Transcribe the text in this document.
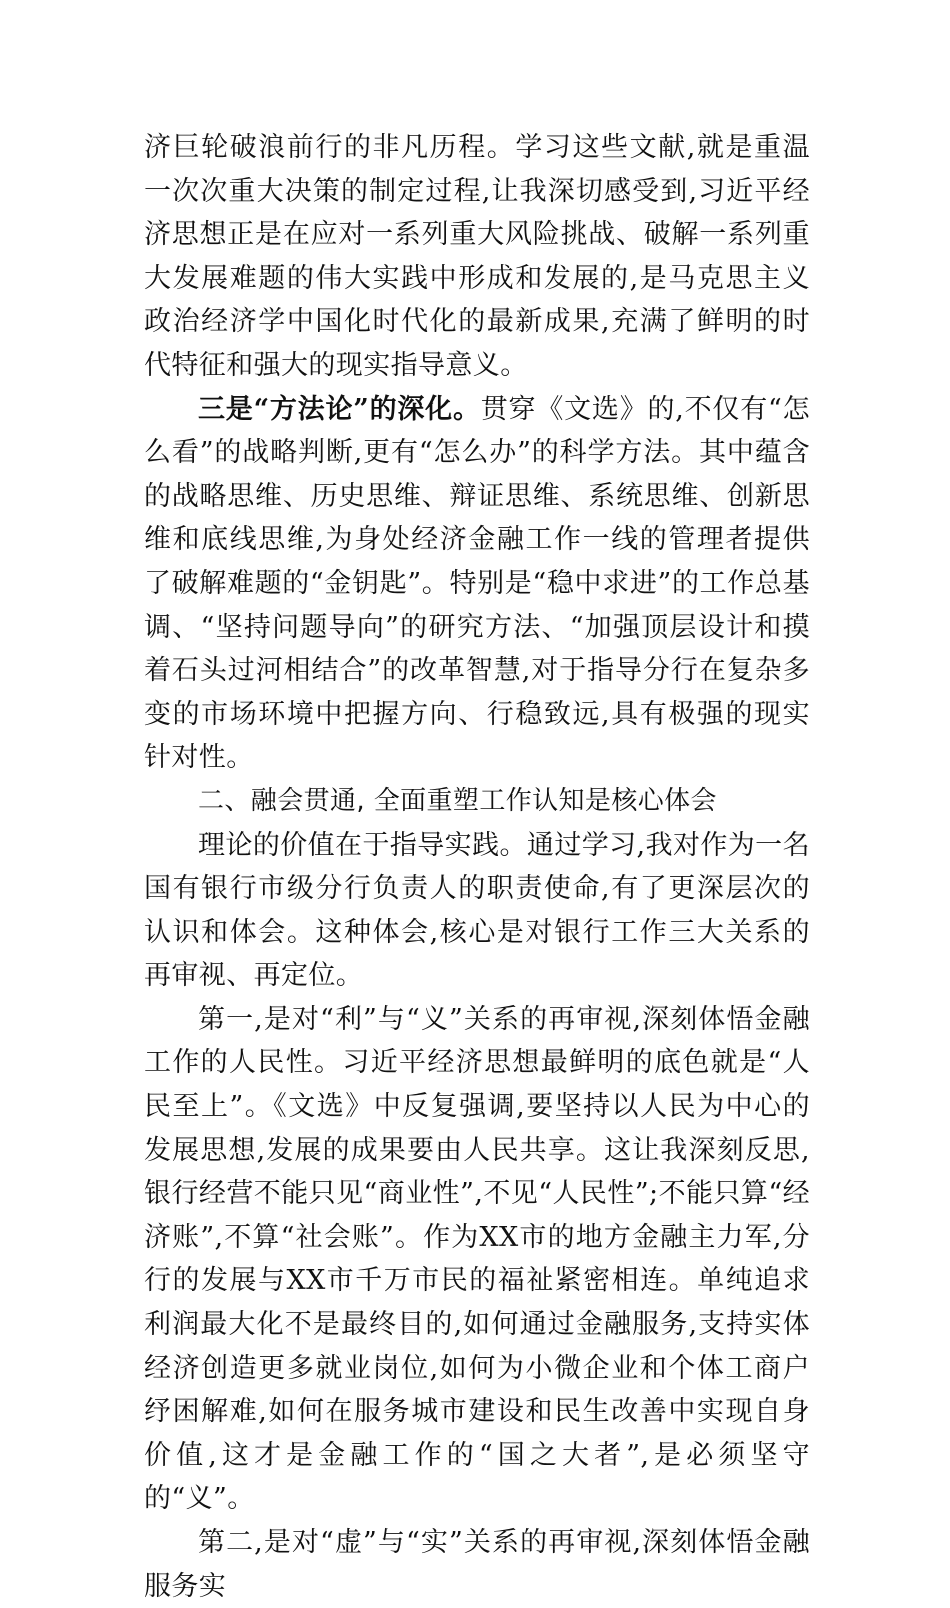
济巨轮破浪前行的非凡历程。学习这些文献,就是重温一次次重大决策的制定过程,让我深切感受到,习近平经济思想正是在应对一系列重大风险挑战、破解一系列重大发展难题的伟大实践中形成和发展的,是马克思主义政治经济学中国化时代化的最新成果,充满了鲜明的时代特征和强大的现实指导意义。

三是“方法论”的深化。贯穿《文选》的,不仅有“怎么看”的战略判断,更有“怎么办”的科学方法。其中蕴含的战略思维、历史思维、辩证思维、系统思维、创新思维和底线思维,为身处经济金融工作一线的管理者提供了破解难题的“金钥匙”。特别是“稳中求进”的工作总基调、“坚持问题导向”的研究方法、“加强顶层设计和摸着石头过河相结合”的改革智慧,对于指导分行在复杂多变的市场环境中把握方向、行稳致远,具有极强的现实针对性。

二、融会贯通, 全面重塑工作认知是核心体会

理论的价值在于指导实践。通过学习,我对作为一名国有银行市级分行负责人的职责使命,有了更深层次的认识和体会。这种体会,核心是对银行工作三大关系的再审视、再定位。

第一,是对“利”与“义”关系的再审视,深刻体悟金融工作的人民性。习近平经济思想最鲜明的底色就是“人民至上”。《文选》中反复强调,要坚持以人民为中心的发展思想,发展的成果要由人民共享。这让我深刻反思,银行经营不能只见“商业性”,不见“人民性”;不能只算“经济账”,不算“社会账”。作为XX市的地方金融主力军,分行的发展与XX市千万市民的福祉紧密相连。单纯追求利润最大化不是最终目的,如何通过金融服务,支持实体经济创造更多就业岗位,如何为小微企业和个体工商户纾困解难,如何在服务城市建设和民生改善中实现自身价值,这才是金融工作的“国之大者”,是必须坚守的“义”。

第二,是对“虚”与“实”关系的再审视,深刻体悟金融服务实
